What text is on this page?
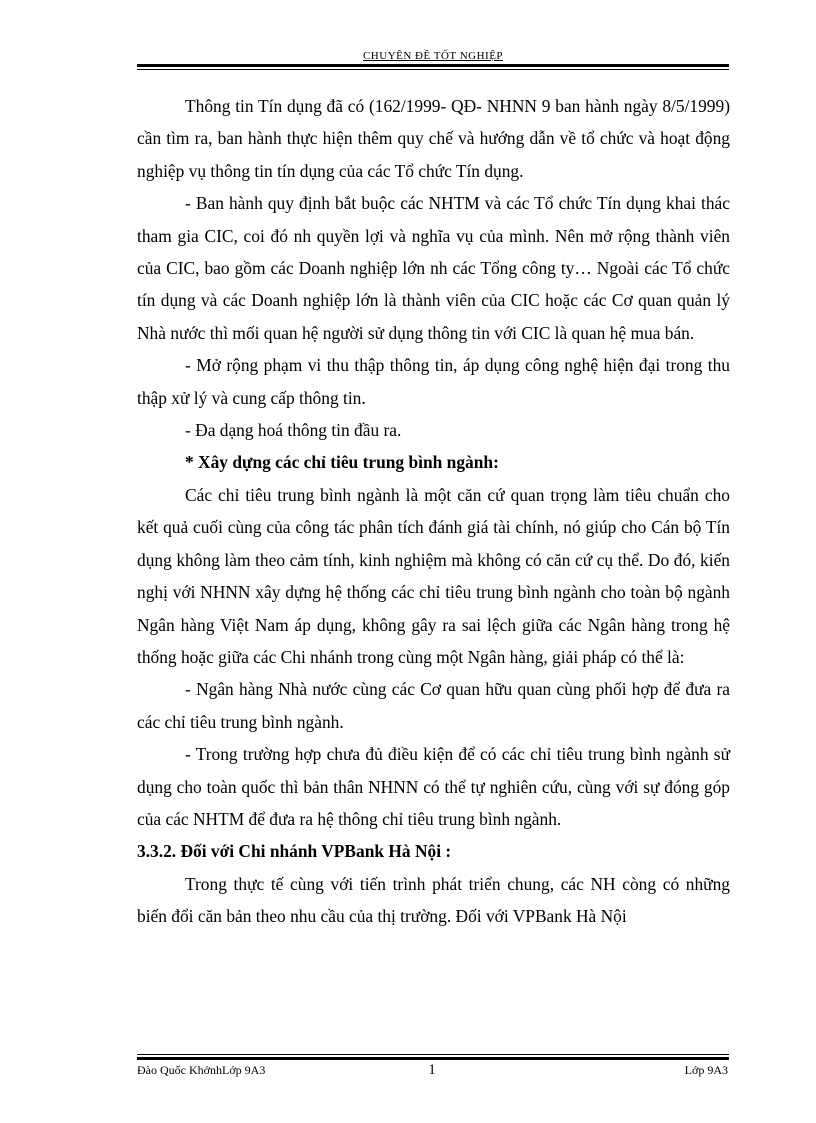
CHUYÊN ĐỀ TỐT NGHIỆP

Thông tin Tín dụng đã có (162/1999- QĐ- NHNN 9 ban hành ngày 8/5/1999) cần tìm ra, ban hành thực hiện thêm quy chế và hướng dẫn về tổ chức và hoạt động nghiệp vụ thông tin tín dụng của các Tổ chức Tín dụng.

- Ban hành quy định bắt buộc các NHTM và các Tổ chức Tín dụng khai thác tham gia CIC, coi đó nh quyền lợi và nghĩa vụ của mình. Nên mở rộng thành viên của CIC, bao gồm các Doanh nghiệp lớn nh các Tổng công ty… Ngoài các Tổ chức tín dụng và các Doanh nghiệp lớn là thành viên của CIC hoặc các Cơ quan quản lý Nhà nước thì mối quan hệ người sử dụng thông tin với CIC là quan hệ mua bán.

- Mở rộng phạm vi thu thập thông tin, áp dụng công nghệ hiện đại trong thu thập xử lý và cung cấp thông tin.

- Đa dạng hoá thông tin đầu ra.

* Xây dựng các chỉ tiêu trung bình ngành:

Các chỉ tiêu trung bình ngành là một căn cứ quan trọng làm tiêu chuẩn cho kết quả cuối cùng của công tác phân tích đánh giá tài chính, nó giúp cho Cán bộ Tín dụng không làm theo cảm tính, kinh nghiệm mà không có căn cứ cụ thể. Do đó, kiến nghị với NHNN xây dựng hệ thống các chỉ tiêu trung bình ngành cho toàn bộ ngành Ngân hàng Việt Nam áp dụng, không gây ra sai lệch giữa các Ngân hàng trong hệ thống hoặc giữa các Chi nhánh trong cùng một Ngân hàng, giải pháp có thể là:

- Ngân hàng Nhà nước cùng các Cơ quan hữu quan cùng phối hợp để đưa ra các chỉ tiêu trung bình ngành.

- Trong trường hợp chưa đủ điều kiện để có các chỉ tiêu trung bình ngành sử dụng cho toàn quốc thì bản thân NHNN có thể tự nghiên cứu, cùng với sự đóng góp của các NHTM để đưa ra hệ thông chỉ tiêu trung bình ngành.

3.3.2. Đối với Chi nhánh VPBank Hà Nội :

Trong thực tế cùng với tiến trình phát triển chung, các NH còng có những biến đổi căn bản theo nhu cầu của thị trường. Đối với VPBank Hà Nội

Đào Quốc KhởnhLớp 9A3	1	Lớp 9A3
